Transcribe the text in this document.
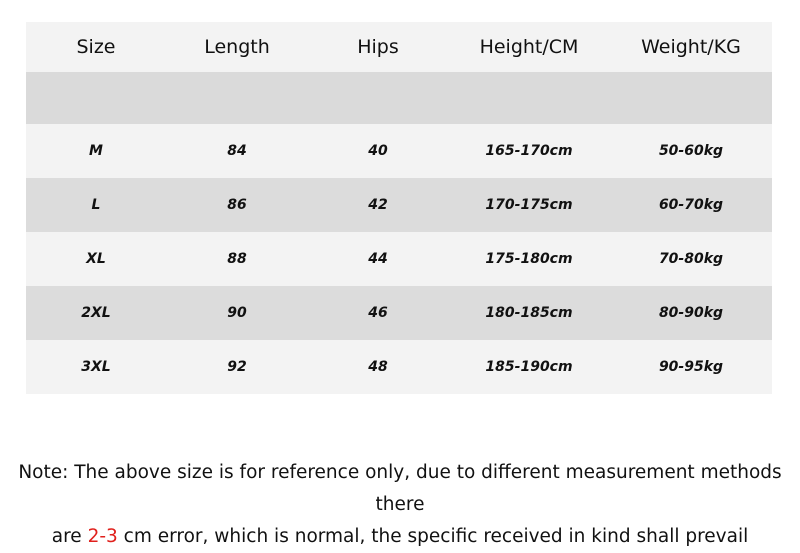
Size	Length	Hips	Height/CM	Weight/KG
M	84	40	165-170cm	50-60kg
L	86	42	170-175cm	60-70kg
XL	88	44	175-180cm	70-80kg
2XL	90	46	180-185cm	80-90kg
3XL	92	48	185-190cm	90-95kg
Note: The above size is for reference only, due to different measurement methods there
are 2-3 cm error, which is normal, the specific received in kind shall prevail
